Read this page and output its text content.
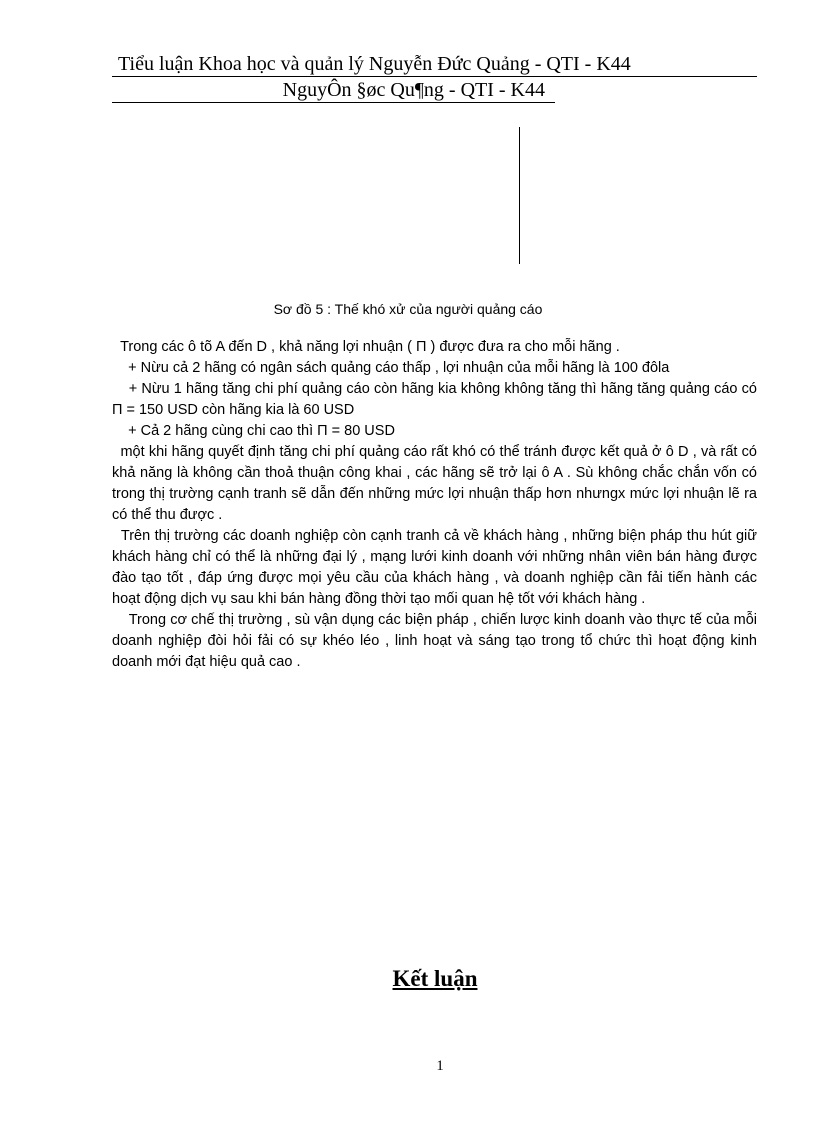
Tiểu luận Khoa học và quản lý Nguyễn Đức Quảng - QTI - K44
NguyÔn §øc Qu¶ng - QTI - K44
Sơ đồ 5 : Thế khó xử của người quảng cáo

Trong các ô tõ A đến D , khả năng lợi nhuận ( Π ) được đưa ra cho mỗi hãng .

+ Nừu cả 2 hãng có ngân sách quảng cáo thấp , lợi nhuận của mỗi hãng là 100 đôla

+ Nừu 1 hãng tăng chi phí quảng cáo còn hãng kia không không tăng thì hãng tăng quảng cáo có Π = 150 USD còn hãng kia là 60 USD

+ Cả 2 hãng cùng chi cao thì Π = 80 USD

một khi hãng quyết định tăng chi phí quảng cáo rất khó có thể tránh được kết quả ở ô D , và rất có khả năng là không cần thoả thuận công khai , các hãng sẽ trở lại ô A . Sù không chắc chắn vốn có trong thị trường cạnh tranh sẽ dẫn đến những mức lợi nhuận thấp hơn nhưngx mức lợi nhuận lẽ ra có thể thu được .

Trên thị trường các doanh nghiệp còn cạnh tranh cả về khách hàng , những biện pháp thu hút giữ khách hàng chỉ có thể là những đại lý , mạng lưới kinh doanh với những nhân viên bán hàng được đào tạo tốt , đáp ứng được mọi yêu cầu của khách hàng , và doanh nghiệp cần fải tiến hành các hoạt động dịch vụ sau khi bán hàng đồng thời tạo mối quan hệ tốt với khách hàng .

Trong cơ chế thị trường , sù vận dụng các biện pháp , chiến lược kinh doanh vào thực tế của mỗi doanh nghiệp đòi hỏi fải có sự khéo léo , linh hoạt và sáng tạo trong tổ chức thì hoạt động kinh doanh mới đạt hiệu quả cao .

Kết luận
1
